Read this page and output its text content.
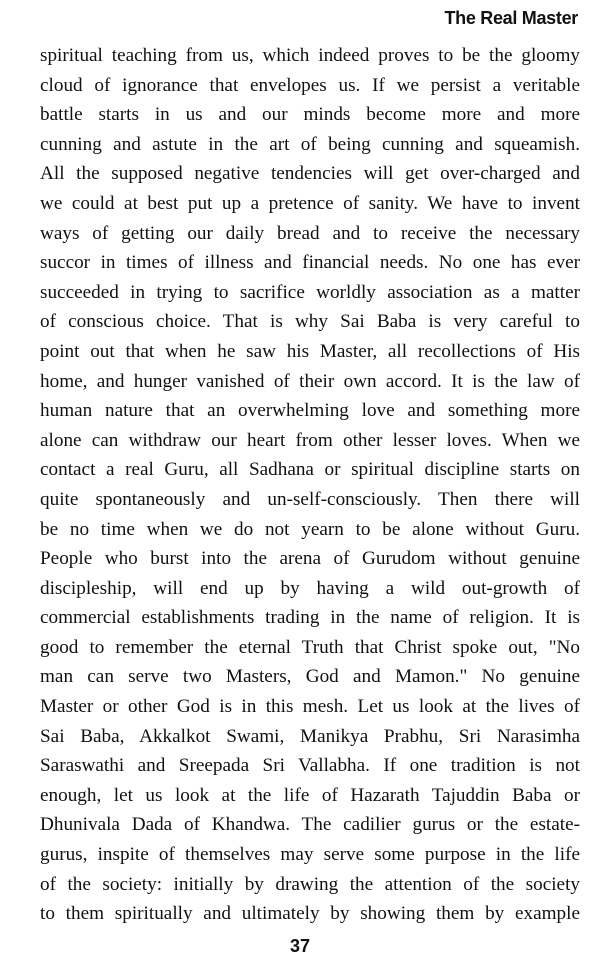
The Real Master
spiritual teaching from us, which indeed proves to be the gloomy
cloud of ignorance that envelopes us. If we persist a veritable
battle starts in us and our minds become more and more
cunning and astute in the art of being cunning and squeamish.
All the supposed negative tendencies will get over-charged and
we could at best put up a pretence of sanity. We have to invent
ways of getting our daily bread and to receive the necessary
succor in times of illness and financial needs. No one has ever
succeeded in trying to sacrifice worldly association as a matter
of conscious choice. That is why Sai Baba is very careful to
point out that when he saw his Master, all recollections of His
home, and hunger vanished of their own accord. It is the law of
human nature that an overwhelming love and something more
alone can withdraw our heart from other lesser loves. When we
contact a real Guru, all Sadhana or spiritual discipline starts on
quite spontaneously and un-self-consciously. Then there will
be no time when we do not yearn to be alone without Guru.
People who burst into the arena of Gurudom without genuine
discipleship, will end up by having a wild out-growth of
commercial establishments trading in the name of religion. It is
good to remember the eternal Truth that Christ spoke out, "No
man can serve two Masters, God and Mamon." No genuine
Master or other God is in this mesh. Let us look at the lives of
Sai Baba, Akkalkot Swami, Manikya Prabhu, Sri Narasimha
Saraswathi and Sreepada Sri Vallabha. If one tradition is not
enough, let us look at the life of Hazarath Tajuddin Baba or
Dhunivala Dada of Khandwa. The cadilier gurus or the estate-
gurus, inspite of themselves may serve some purpose in the life
of the society: initially by drawing the attention of the society
to them spiritually and ultimately by showing them by example
37
